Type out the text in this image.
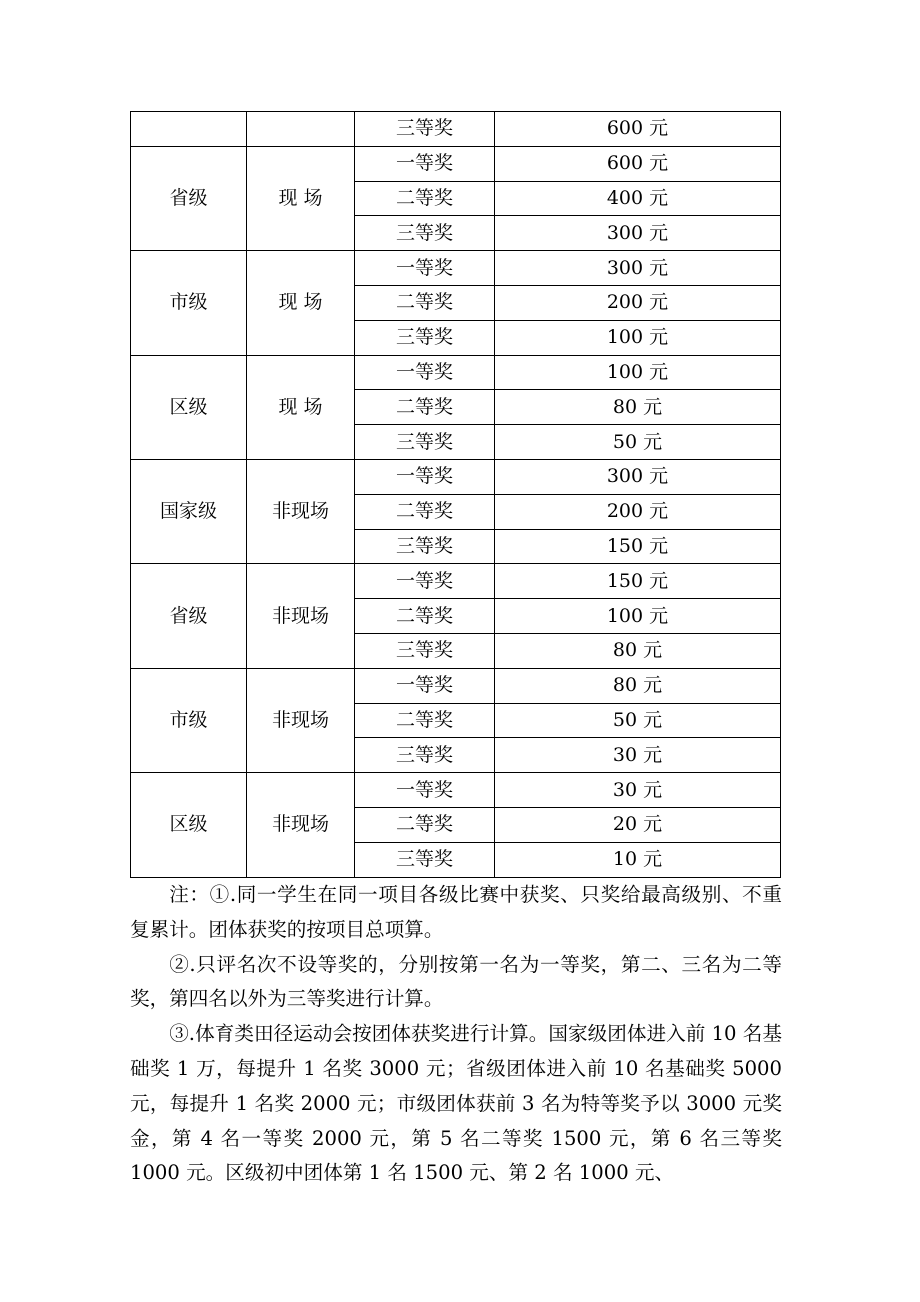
		三等奖	600 元
省级	现 场	一等奖	600 元
		二等奖	400 元
		三等奖	300 元
市级	现 场	一等奖	300 元
		二等奖	200 元
		三等奖	100 元
区级	现 场	一等奖	100 元
		二等奖	80 元
		三等奖	50 元
国家级	非现场	一等奖	300 元
		二等奖	200 元
		三等奖	150 元
省级	非现场	一等奖	150 元
		二等奖	100 元
		三等奖	80 元
市级	非现场	一等奖	80 元
		二等奖	50 元
		三等奖	30 元
区级	非现场	一等奖	30 元
		二等奖	20 元
		三等奖	10 元

注：①.同一学生在同一项目各级比赛中获奖、只奖给最高级别、不重复累计。团体获奖的按项目总项算。

②.只评名次不设等奖的，分别按第一名为一等奖，第二、三名为二等奖，第四名以外为三等奖进行计算。

③.体育类田径运动会按团体获奖进行计算。国家级团体进入前 10 名基础奖 1 万，每提升 1 名奖 3000 元；省级团体进入前 10 名基础奖 5000 元，每提升 1 名奖 2000 元；市级团体获前 3 名为特等奖予以 3000 元奖金，第 4 名一等奖 2000 元，第 5 名二等奖 1500 元，第 6 名三等奖 1000 元。区级初中团体第 1 名 1500 元、第 2 名 1000 元、
